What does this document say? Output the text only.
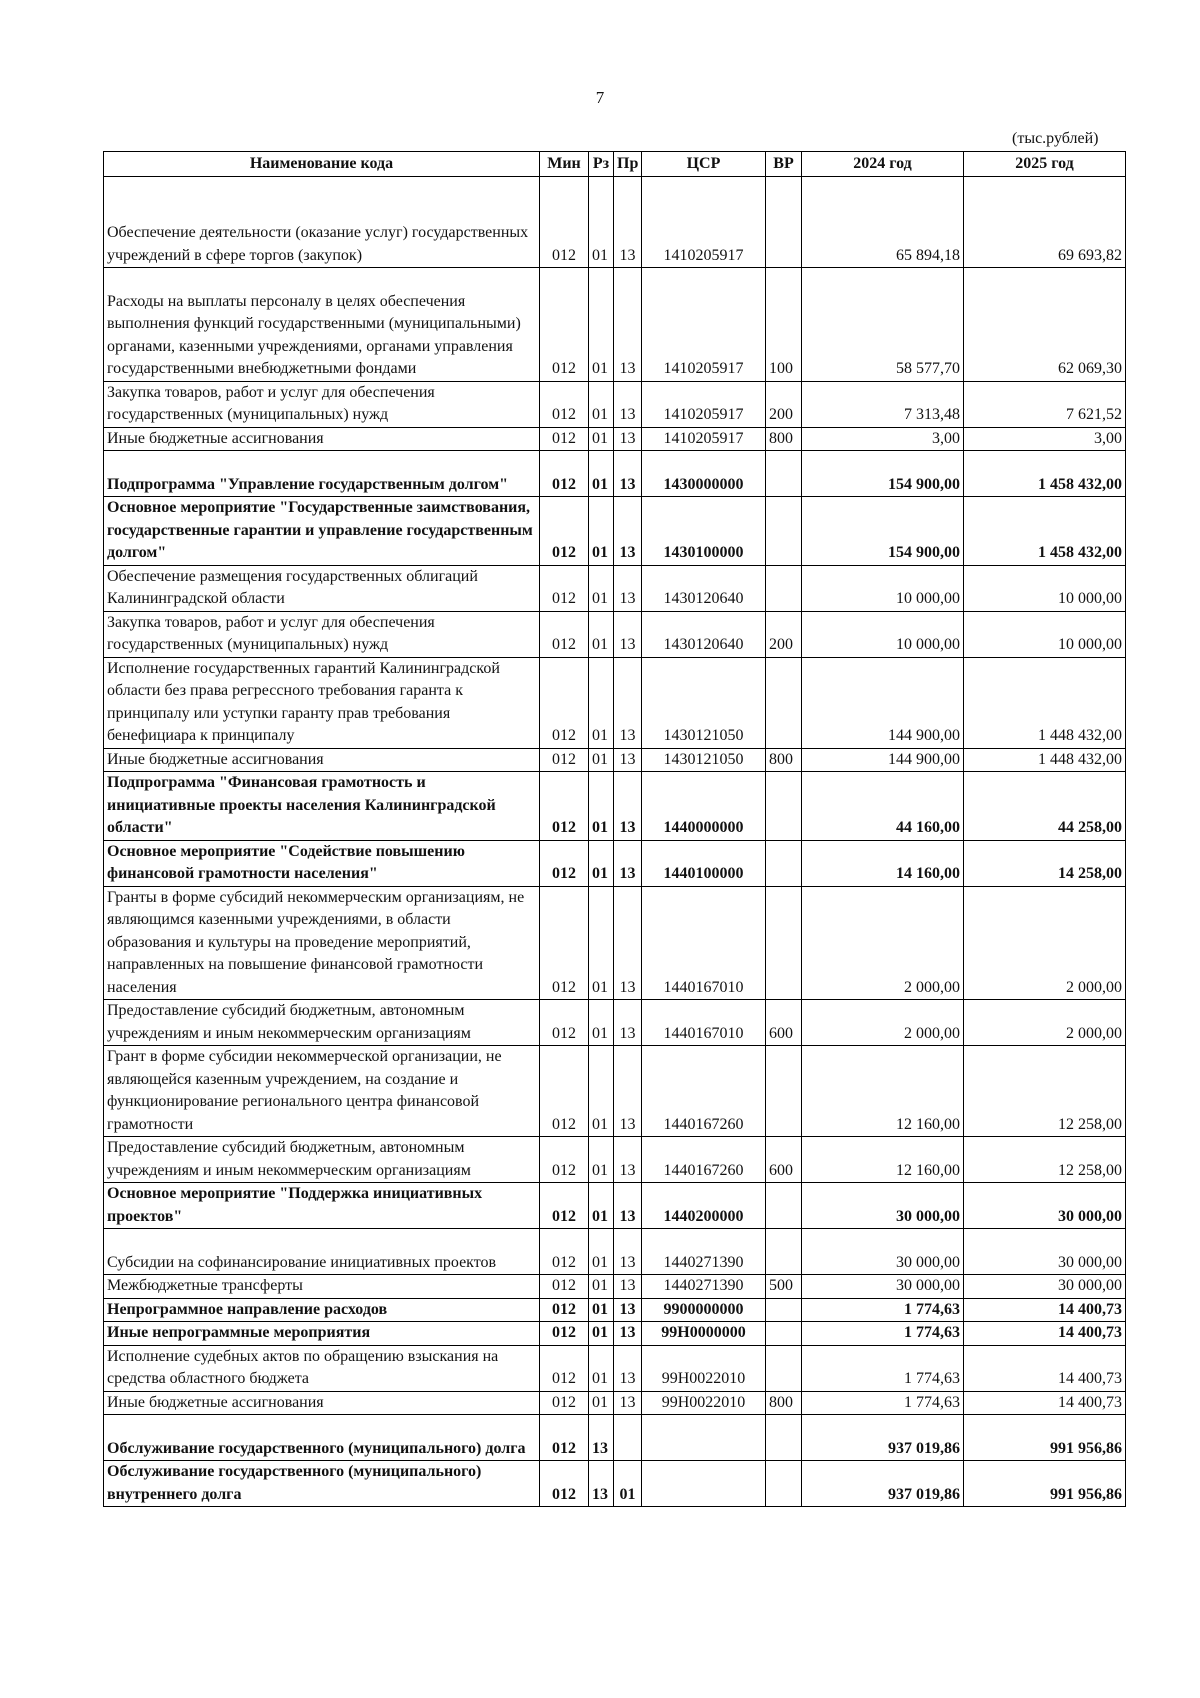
7
(тыс.рублей)
Наименование кода	Мин	Рз	Пр	ЦСР	ВР	2024 год	2025 год
Обеспечение деятельности (оказание услуг) государственных учреждений в сфере торгов (закупок)	012	01	13	1410205917		65 894,18	69 693,82
Расходы на выплаты персоналу в целях обеспечения выполнения функций государственными (муниципальными) органами, казенными учреждениями, органами управления государственными внебюджетными фондами	012	01	13	1410205917	100	58 577,70	62 069,30
Закупка товаров, работ и услуг для обеспечения государственных (муниципальных) нужд	012	01	13	1410205917	200	7 313,48	7 621,52
Иные бюджетные ассигнования	012	01	13	1410205917	800	3,00	3,00
Подпрограмма "Управление государственным долгом"	012	01	13	1430000000		154 900,00	1 458 432,00
Основное мероприятие "Государственные заимствования, государственные гарантии и управление государственным долгом"	012	01	13	1430100000		154 900,00	1 458 432,00
Обеспечение размещения государственных облигаций Калининградской области	012	01	13	1430120640		10 000,00	10 000,00
Закупка товаров, работ и услуг для обеспечения государственных (муниципальных) нужд	012	01	13	1430120640	200	10 000,00	10 000,00
Исполнение государственных гарантий Калининградской области без права регрессного требования гаранта к принципалу или уступки гаранту прав требования бенефициара к принципалу	012	01	13	1430121050		144 900,00	1 448 432,00
Иные бюджетные ассигнования	012	01	13	1430121050	800	144 900,00	1 448 432,00
Подпрограмма "Финансовая грамотность и инициативные проекты населения Калининградской области"	012	01	13	1440000000		44 160,00	44 258,00
Основное мероприятие "Содействие повышению финансовой грамотности населения"	012	01	13	1440100000		14 160,00	14 258,00
Гранты в форме субсидий некоммерческим организациям, не являющимся казенными учреждениями, в области образования и культуры на проведение мероприятий, направленных на повышение финансовой грамотности населения	012	01	13	1440167010		2 000,00	2 000,00
Предоставление субсидий бюджетным, автономным учреждениям и иным некоммерческим организациям	012	01	13	1440167010	600	2 000,00	2 000,00
Грант в форме субсидии некоммерческой организации, не являющейся казенным учреждением, на создание и функционирование регионального центра финансовой грамотности	012	01	13	1440167260		12 160,00	12 258,00
Предоставление субсидий бюджетным, автономным учреждениям и иным некоммерческим организациям	012	01	13	1440167260	600	12 160,00	12 258,00
Основное мероприятие "Поддержка инициативных проектов"	012	01	13	1440200000		30 000,00	30 000,00
Субсидии на софинансирование инициативных проектов	012	01	13	1440271390		30 000,00	30 000,00
Межбюджетные трансферты	012	01	13	1440271390	500	30 000,00	30 000,00
Непрограммное направление расходов	012	01	13	9900000000		1 774,63	14 400,73
Иные непрограммные мероприятия	012	01	13	99Н0000000		1 774,63	14 400,73
Исполнение судебных актов по обращению взыскания на средства областного бюджета	012	01	13	99Н0022010		1 774,63	14 400,73
Иные бюджетные ассигнования	012	01	13	99Н0022010	800	1 774,63	14 400,73
Обслуживание государственного (муниципального) долга	012	13				937 019,86	991 956,86
Обслуживание государственного (муниципального) внутреннего долга	012	13	01			937 019,86	991 956,86
